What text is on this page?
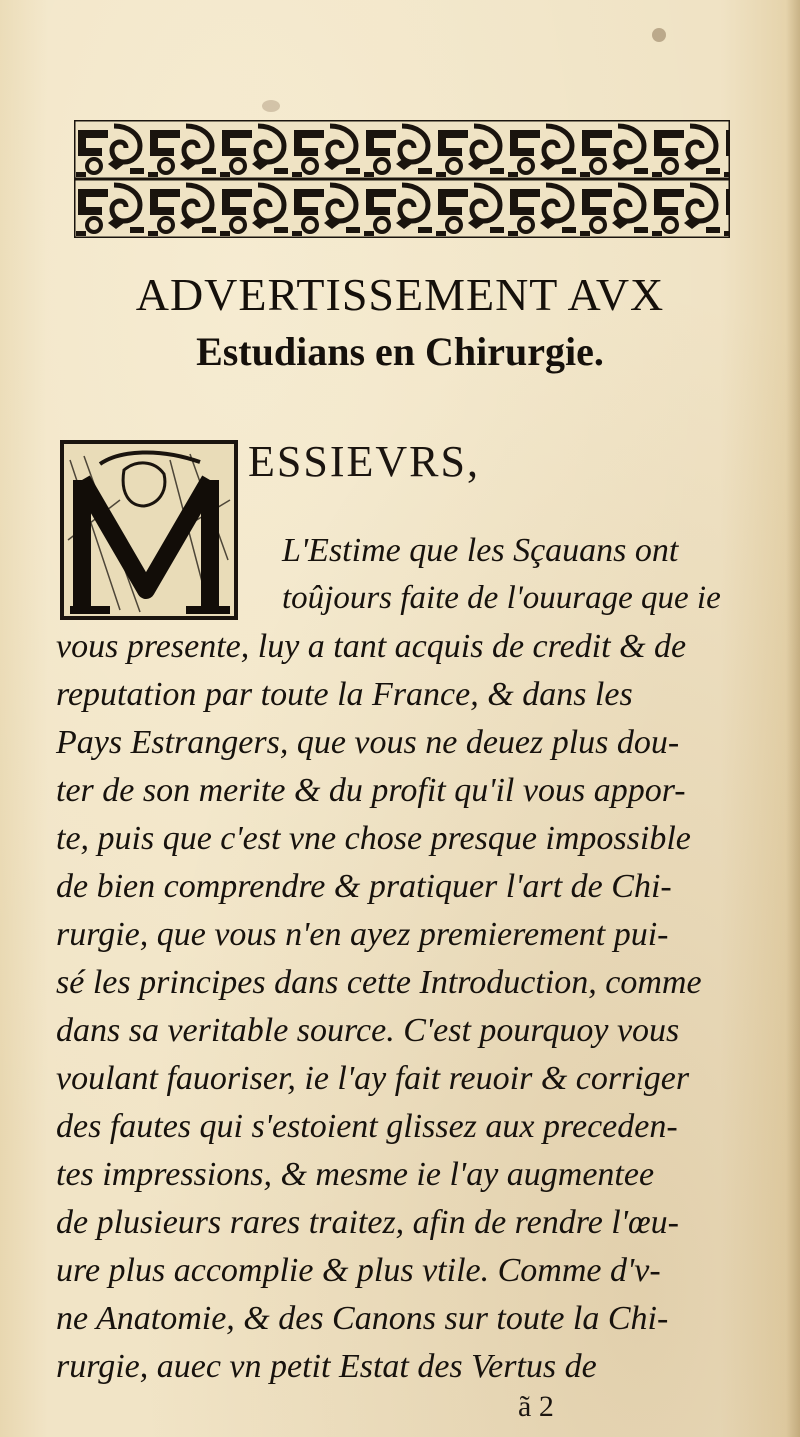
ADVERTISSEMENT AVX
Estudians en Chirurgie.
ESSIEVRS,
L'Estime que les Sçauans ont
toûjours faite de l'ouurage que ie
vous presente, luy a tant acquis de credit & de
reputation par toute la France, & dans les
Pays Estrangers, que vous ne deuez plus dou-
ter de son merite & du profit qu'il vous appor-
te, puis que c'est vne chose presque impossible
de bien comprendre & pratiquer l'art de Chi-
rurgie, que vous n'en ayez premierement pui-
sé les principes dans cette Introduction, comme
dans sa veritable source. C'est pourquoy vous
voulant fauoriser, ie l'ay fait reuoir & corriger
des fautes qui s'estoient glissez aux preceden-
tes impressions, & mesme ie l'ay augmentee
de plusieurs rares traitez, afin de rendre l'œu-
ure plus accomplie & plus vtile. Comme d'v-
ne Anatomie, & des Canons sur toute la Chi-
rurgie, auec vn petit Estat des Vertus de
ã 2
